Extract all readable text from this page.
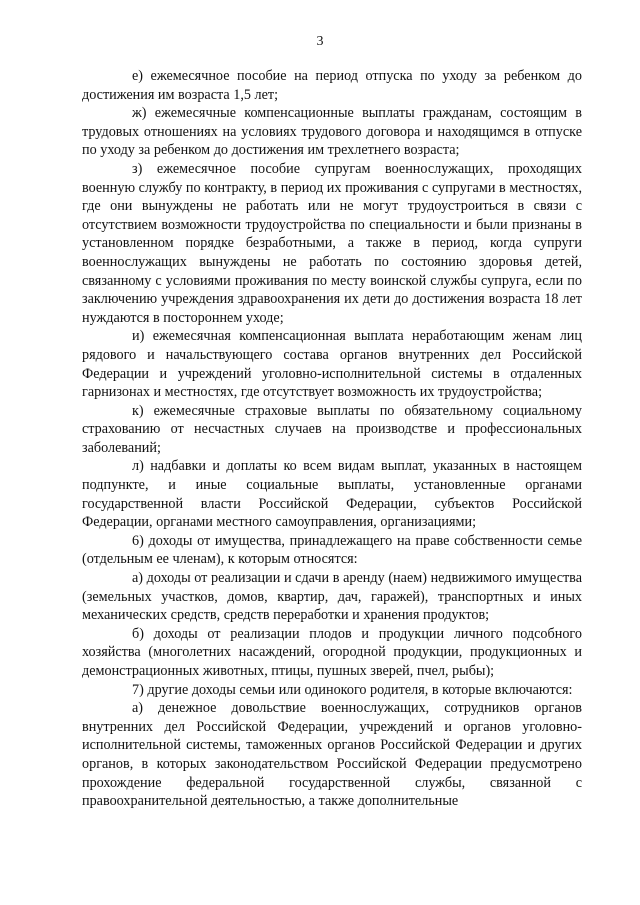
3

е) ежемесячное пособие на период отпуска по уходу за ребенком до достижения им возраста 1,5 лет;

ж) ежемесячные компенсационные выплаты гражданам, состоящим в трудовых отношениях на условиях трудового договора и находящимся в отпуске по уходу за ребенком до достижения им трехлетнего возраста;

з) ежемесячное пособие супругам военнослужащих, проходящих военную службу по контракту, в период их проживания с супругами в местностях, где они вынуждены не работать или не могут трудоустроиться в связи с отсутствием возможности трудоустройства по специальности и были признаны в установленном порядке безработными, а также в период, когда супруги военнослужащих вынуждены не работать по состоянию здоровья детей, связанному с условиями проживания по месту воинской службы супруга, если по заключению учреждения здравоохранения их дети до достижения возраста 18 лет нуждаются в постороннем уходе;

и) ежемесячная компенсационная выплата неработающим женам лиц рядового и начальствующего состава органов внутренних дел Российской Федерации и учреждений уголовно-исполнительной системы в отдаленных гарнизонах и местностях, где отсутствует возможность их трудоустройства;

к) ежемесячные страховые выплаты по обязательному социальному страхованию от несчастных случаев на производстве и профессиональных заболеваний;

л) надбавки и доплаты ко всем видам выплат, указанных в настоящем подпункте, и иные социальные выплаты, установленные органами государственной власти Российской Федерации, субъектов Российской Федерации, органами местного самоуправления, организациями;

6) доходы от имущества, принадлежащего на праве собственности семье (отдельным ее членам), к которым относятся:

а) доходы от реализации и сдачи в аренду (наем) недвижимого имущества (земельных участков, домов, квартир, дач, гаражей), транспортных и иных механических средств, средств переработки и хранения продуктов;

б) доходы от реализации плодов и продукции личного подсобного хозяйства (многолетних насаждений, огородной продукции, продукционных и демонстрационных животных, птицы, пушных зверей, пчел, рыбы);

7) другие доходы семьи или одинокого родителя, в которые включаются:

а) денежное довольствие военнослужащих, сотрудников органов внутренних дел Российской Федерации, учреждений и органов уголовно-исполнительной системы, таможенных органов Российской Федерации и других органов, в которых законодательством Российской Федерации предусмотрено прохождение федеральной государственной службы, связанной с правоохранительной деятельностью, а также дополнительные
